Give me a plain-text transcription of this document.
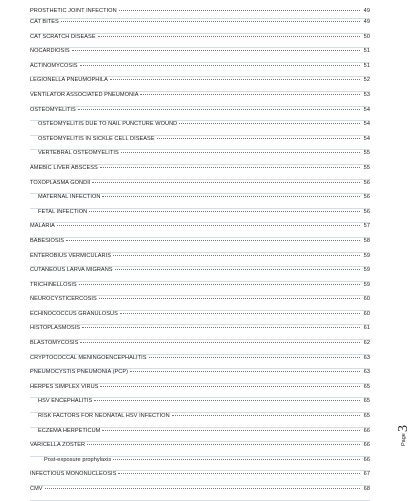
PROSTHETIC JOINT INFECTION	49
CAT BITES	49
CAT SCRATCH DISEASE	50
NOCARDIOSIS	51
ACTINOMYCOSIS	51
LEGIONELLA PNEUMOPHILA	52
VENTILATOR ASSOCIATED PNEUMONIA	53
OSTEOMYELITIS	54
OSTEOMYELITIS DUE TO NAIL PUNCTURE WOUND	54
OSTEOMYELITIS IN SICKLE CELL DISEASE	54
VERTEBRAL OSTEOMYELITIS	55
AMEBIC LIVER ABSCESS	55
TOXOPLASMA GONDII	56
MATERNAL INFECTION	56
FETAL INFECTION	56
MALARIA	57
BABESIOSIS	58
ENTEROBIUS VERMICULARIS	59
CUTANEOUS LARVA MIGRANS	59
TRICHINELLOSIS	59
NEUROCYSTICERCOSIS	60
ECHINOCOCCUS GRANULOSUS	60
HISTOPLASMOSIS	61
BLASTOMYCOSIS	62
CRYPTOCOCCAL MENINGOENCEPHALITIS	63
PNEUMOCYSTIS PNEUMONIA (PCP)	63
HERPES SIMPLEX VIRUS	65
HSV ENCEPHALITIS	65
RISK FACTORS FOR NEONATAL HSV INFECTION	65
ECZEMA HERPETICUM	66
VARICELLA ZOSTER	66
Post-exposure prophylaxis	66
INFECTIOUS MONONUCLEOSIS	67
CMV	68
Page
3
